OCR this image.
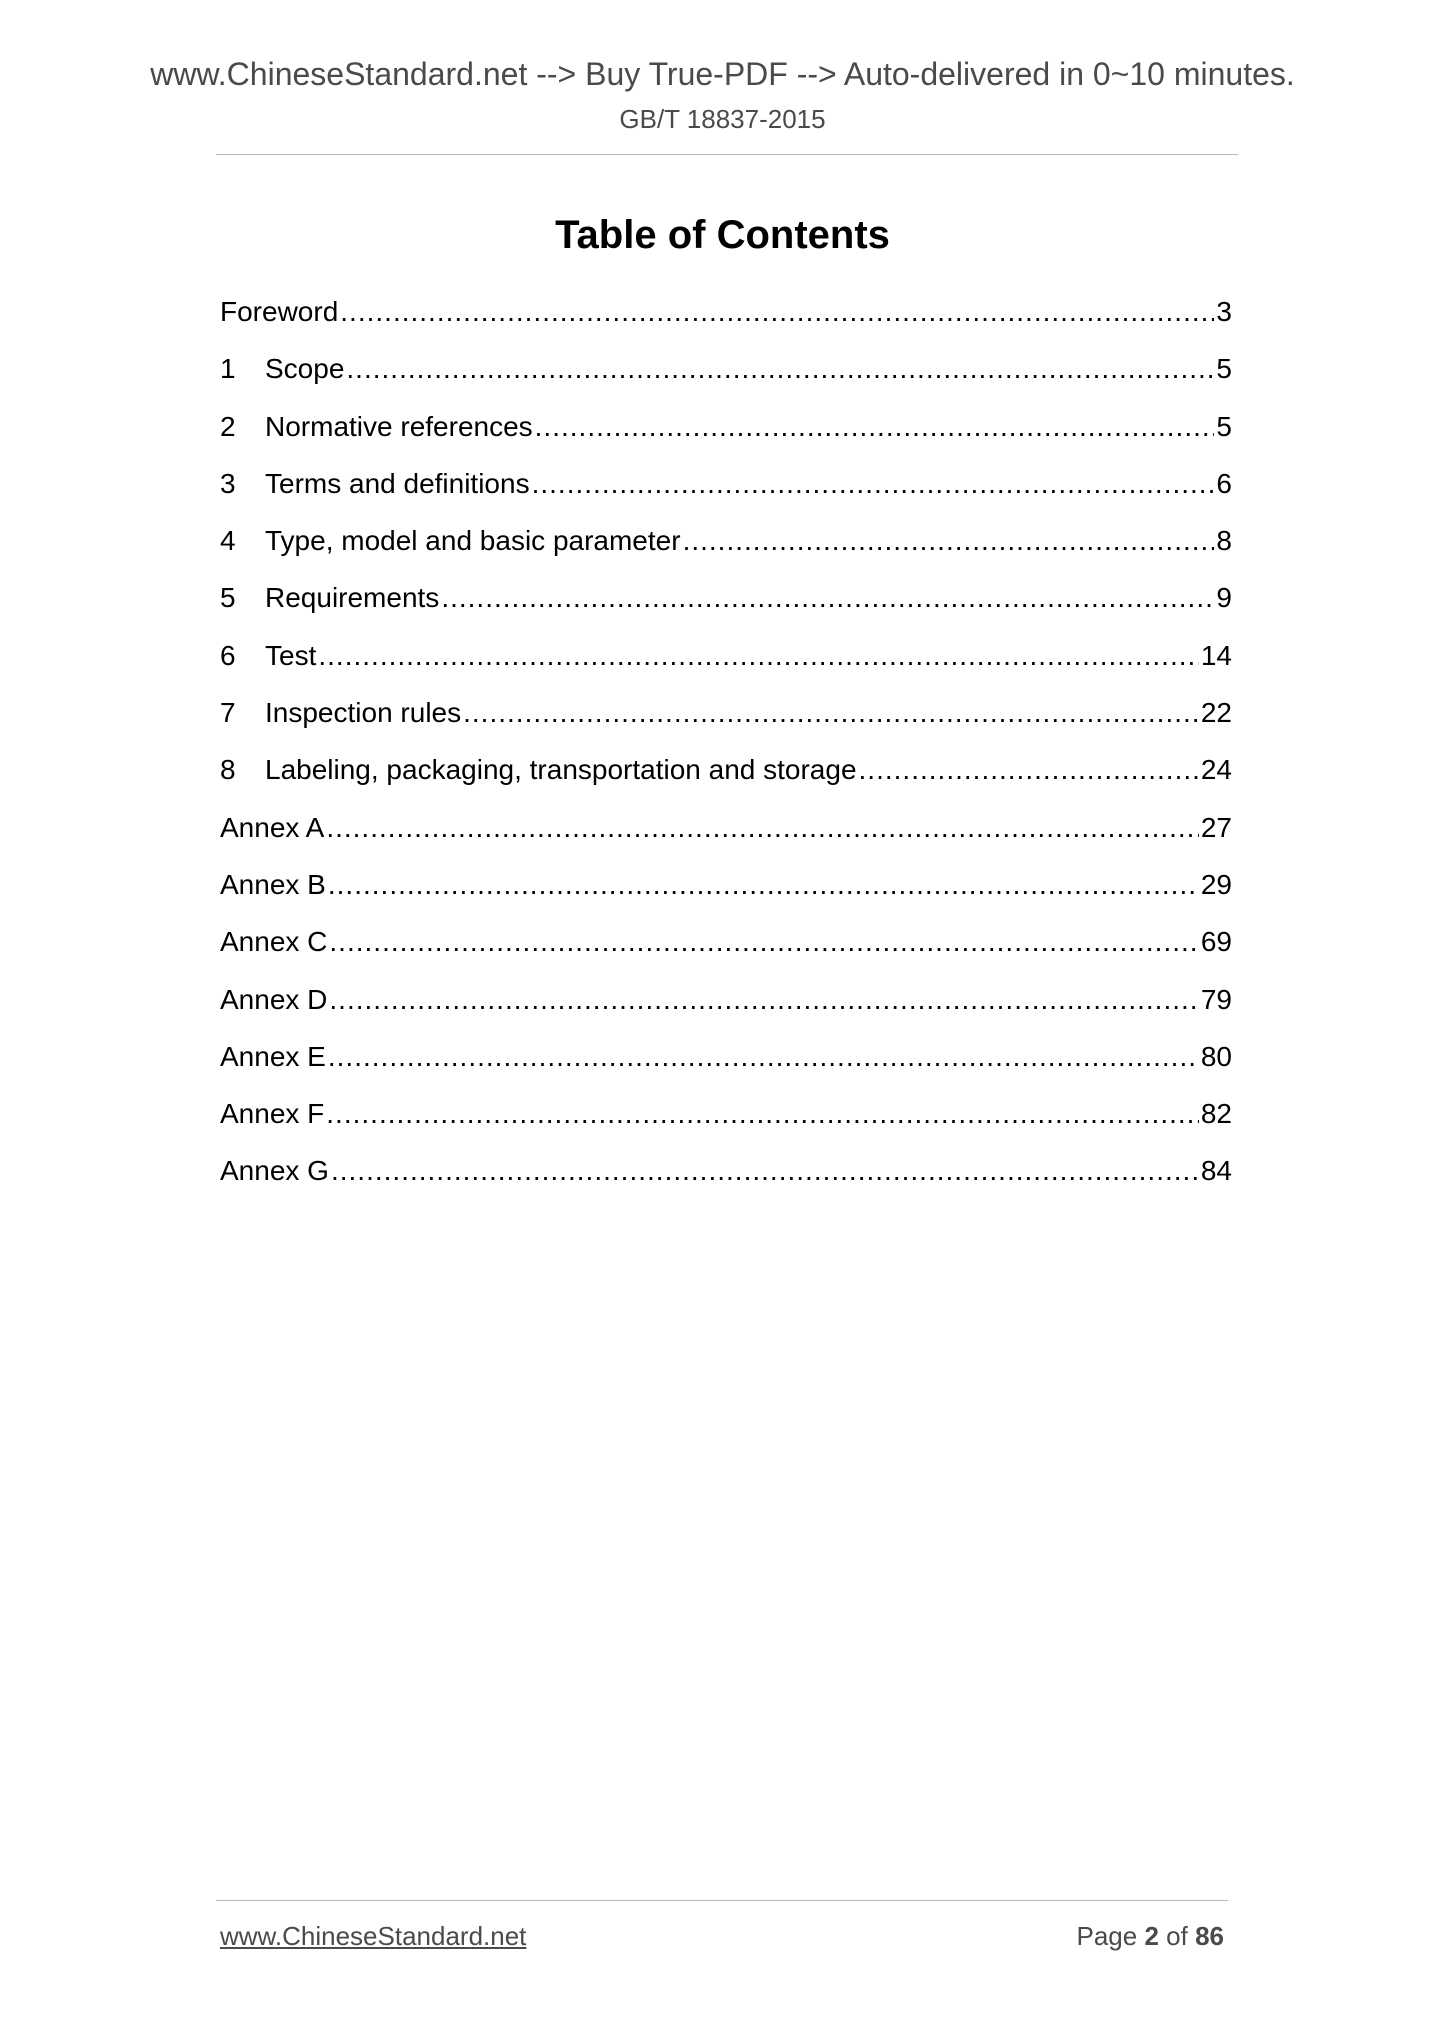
www.ChineseStandard.net --> Buy True-PDF --> Auto-delivered in 0~10 minutes.
GB/T 18837-2015
Table of Contents
Foreword .....	3
1	Scope .....	5
2	Normative references .....	5
3	Terms and definitions .....	6
4	Type, model and basic parameter .....	8
5	Requirements .....	9
6	Test .....	14
7	Inspection rules .....	22
8	Labeling, packaging, transportation and storage .....	24
Annex A .....	27
Annex B .....	29
Annex C .....	69
Annex D .....	79
Annex E .....	80
Annex F .....	82
Annex G .....	84
www.ChineseStandard.net	Page 2 of 86
